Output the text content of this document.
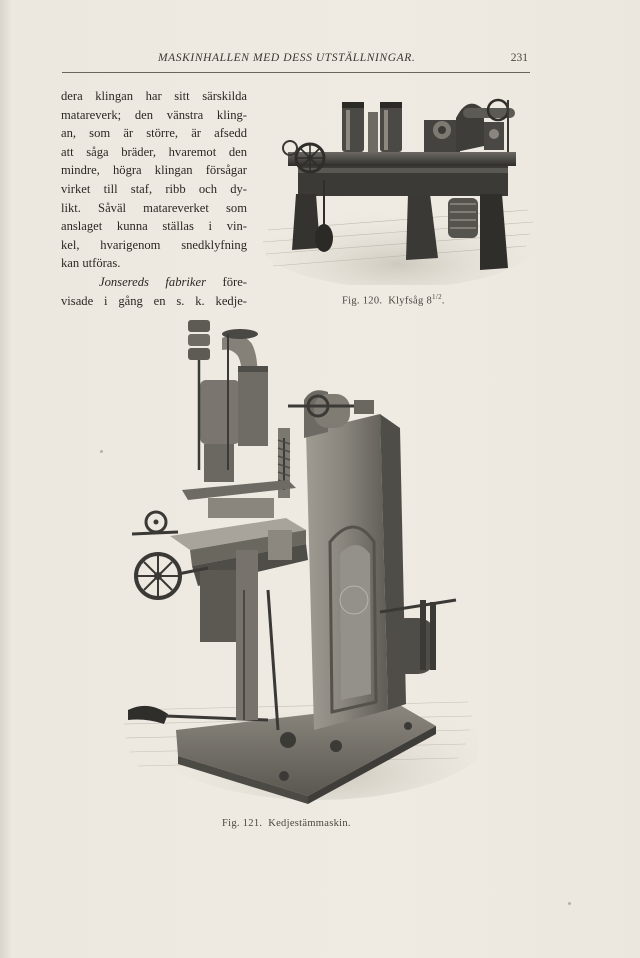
MASKINHALLEN MED DESS UTSTÄLLNINGAR.	231
dera klingan har sitt särskilda
matareverk; den vänstra kling-
an, som är större, är afsedd
att såga bräder, hvaremot den
mindre, högra klingan försågar
virket till staf, ribb och dy-
likt. Såväl matareverket som
anslaget kunna ställas i vin-
kel, hvarigenom snedklyfning
kan utföras.
Jonsereds fabriker före-
visade i gång en s. k. kedje-	Fig. 120. Klyfsåg $8^{1/2}$.
Fig. 121. Kedjestämmaskin.
